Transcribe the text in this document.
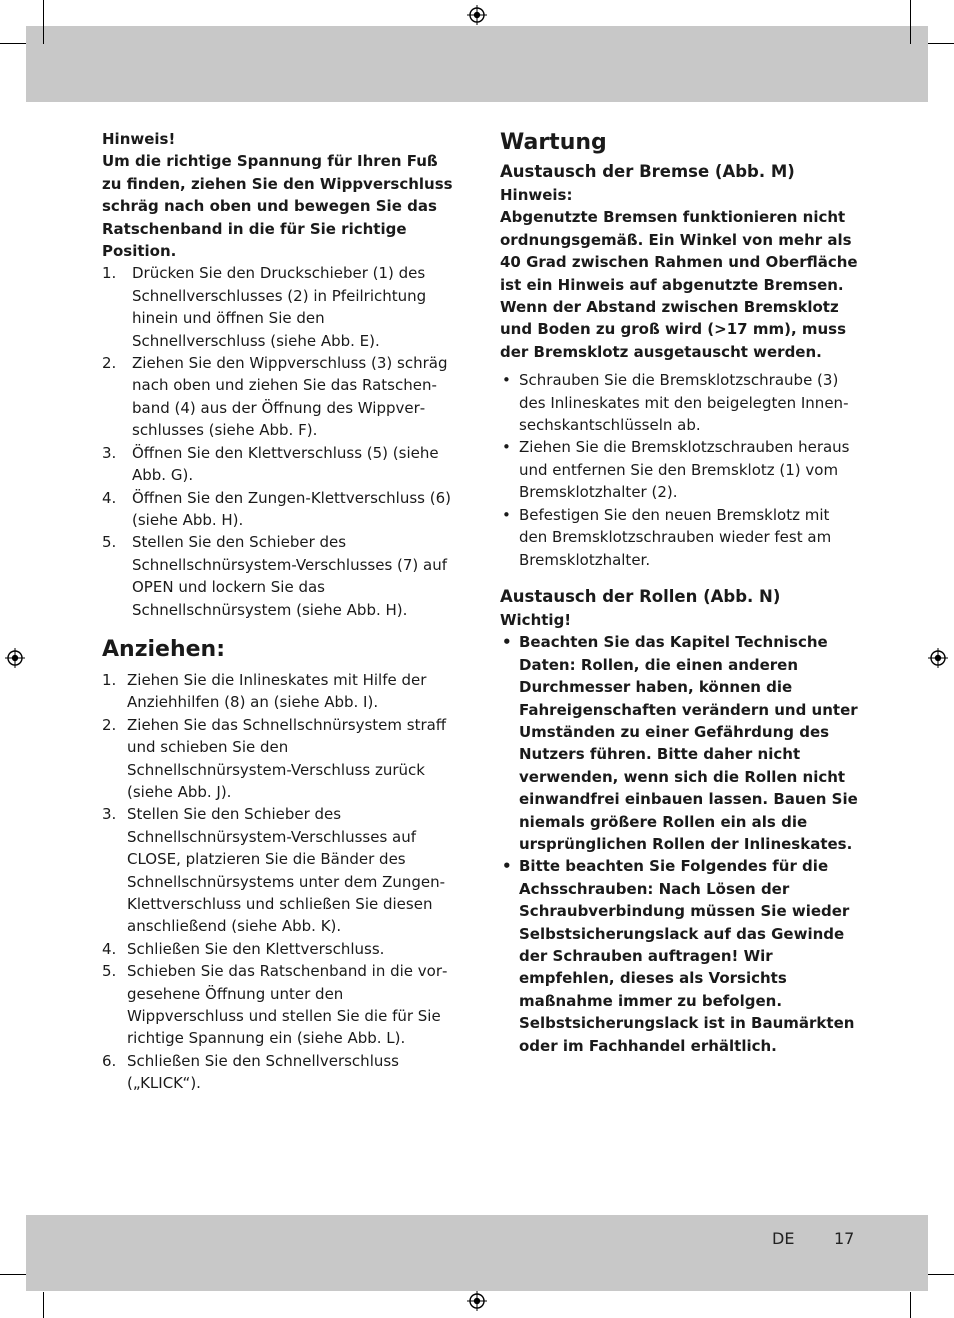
Hinweis!

Um die richtige Spannung für Ihren Fuß zu finden, ziehen Sie den Wippverschluss schräg nach oben und bewegen Sie das Ratschenband in die für Sie richtige Position.

1. Drücken Sie den Druckschieber (1) des Schnellverschlusses (2) in Pfeilrichtung hinein und öffnen Sie den Schnellverschluss (siehe Abb. E).
2. Ziehen Sie den Wippverschluss (3) schräg nach oben und ziehen Sie das Ratschenband (4) aus der Öffnung des Wippverschlusses (siehe Abb. F).
3. Öffnen Sie den Klettverschluss (5) (siehe Abb. G).
4. Öffnen Sie den Zungen-Klettverschluss (6) (siehe Abb. H).
5. Stellen Sie den Schieber des Schnellschnürsystem-Verschlusses (7) auf OPEN und lockern Sie das Schnellschnürsystem (siehe Abb. H).
Anziehen:
1. Ziehen Sie die Inlineskates mit Hilfe der Anziehhilfen (8) an (siehe Abb. I).
2. Ziehen Sie das Schnellschnürsystem straff und schieben Sie den Schnellschnürsystem-Verschluss zurück (siehe Abb. J).
3. Stellen Sie den Schieber des Schnellschnürsystem-Verschlusses auf CLOSE, platzieren Sie die Bänder des Schnellschnürsystems unter dem Zungen-Klettverschluss und schließen Sie diesen anschließend (siehe Abb. K).
4. Schließen Sie den Klettverschluss.
5. Schieben Sie das Ratschenband in die vorgesehene Öffnung unter den Wippverschluss und stellen Sie die für Sie richtige Spannung ein (siehe Abb. L).
6. Schließen Sie den Schnellverschluss („KLICK“).
Wartung
Austausch der Bremse (Abb. M)

Hinweis:

Abgenutzte Bremsen funktionieren nicht ordnungsgemäß. Ein Winkel von mehr als 40 Grad zwischen Rahmen und Oberfläche ist ein Hinweis auf abgenutzte Bremsen. Wenn der Abstand zwischen Bremsklotz und Boden zu groß wird (>17 mm), muss der Bremsklotz ausgetauscht werden.

• Schrauben Sie die Bremsklotzschraube (3) des Inlineskates mit den beigelegten Innensechskantschlüsseln ab.
• Ziehen Sie die Bremsklotzschrauben heraus und entfernen Sie den Bremsklotz (1) vom Bremsklotzhalter (2).
• Befestigen Sie den neuen Bremsklotz mit den Bremsklotzschrauben wieder fest am Bremsklotzhalter.
Austausch der Rollen (Abb. N)

Wichtig!

• Beachten Sie das Kapitel Technische Daten: Rollen, die einen anderen Durchmesser haben, können die Fahreigenschaften verändern und unter Umständen zu einer Gefährdung des Nutzers führen. Bitte daher nicht verwenden, wenn sich die Rollen nicht einwandfrei einbauen lassen. Bauen Sie niemals größere Rollen ein als die ursprünglichen Rollen der Inlineskates.
• Bitte beachten Sie Folgendes für die Achsschrauben: Nach Lösen der Schraubverbindung müssen Sie wieder Selbstsicherungslack auf das Gewinde der Schrauben auftragen! Wir empfehlen, dieses als Vorsichts maßnahme immer zu befolgen. Selbstsicherungslack ist in Baumärkten oder im Fachhandel erhältlich.
DE 17
